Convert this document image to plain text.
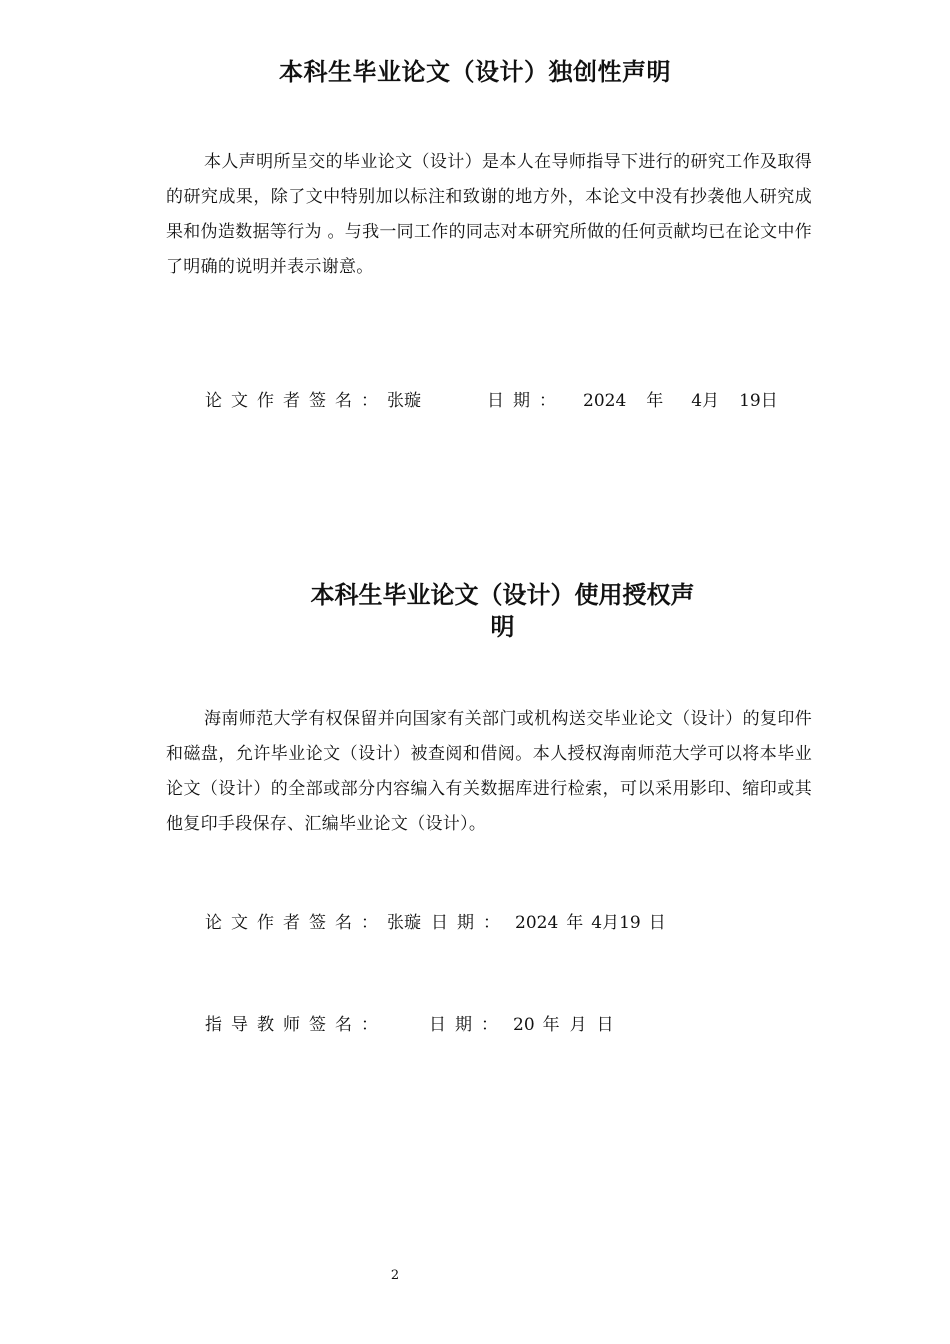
本科生毕业论文（设计）独创性声明
本人声明所呈交的毕业论文（设计）是本人在导师指导下进行的研究工作及取得的研究成果，除了文中特别加以标注和致谢的地方外，本论文中没有抄袭他人研究成果和伪造数据等行为 。与我一同工作的同志对本研究所做的任何贡献均已在论文中作了明确的说明并表示谢意。
论文作者签名：张璇	日期： 2024 年 4月 19日
本科生毕业论文（设计）使用授权声
明
海南师范大学有权保留并向国家有关部门或机构送交毕业论文（设计）的复印件和磁盘，允许毕业论文（设计）被查阅和借阅。本人授权海南师范大学可以将本毕业论文（设计）的全部或部分内容编入有关数据库进行检索，可以采用影印、缩印或其他复印手段保存、汇编毕业论文（设计）。
论文作者签名：张璇 日期： 2024 年 4月19 日
指导教师签名： 日期： 20 年 月 日
2
